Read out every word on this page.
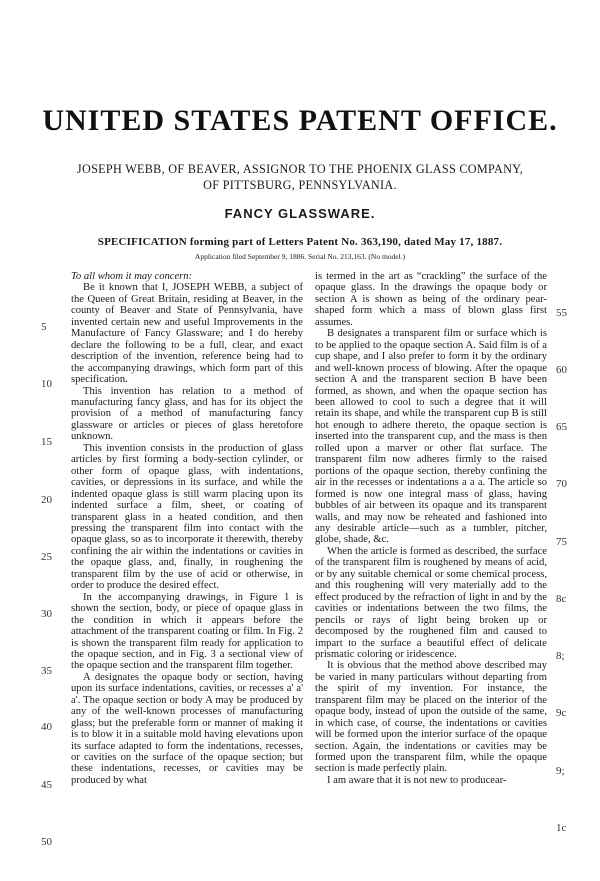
UNITED STATES PATENT OFFICE.
JOSEPH WEBB, OF BEAVER, ASSIGNOR TO THE PHOENIX GLASS COMPANY,
OF PITTSBURG, PENNSYLVANIA.
FANCY GLASSWARE.
SPECIFICATION forming part of Letters Patent No. 363,190, dated May 17, 1887.
Application filed September 9, 1886. Serial No. 213,163. (No model.)

To all whom it may concern:

Be it known that I, JOSEPH WEBB, a subject of the Queen of Great Britain, residing at Beaver, in the county of Beaver and State of Pennsylvania, have invented certain new and useful Improvements in the Manufacture of Fancy Glassware; and I do hereby declare the following to be a full, clear, and exact description of the invention, reference being had to the accompanying drawings, which form part of this specification.

This invention has relation to a method of manufacturing fancy glass, and has for its object the provision of a method of manufacturing fancy glassware or articles or pieces of glass heretofore unknown.

This invention consists in the production of glass articles by first forming a body-section cylinder, or other form of opaque glass, with indentations, cavities, or depressions in its surface, and while the indented opaque glass is still warm placing upon its indented surface a film, sheet, or coating of transparent glass in a heated condition, and then pressing the transparent film into contact with the opaque glass, so as to incorporate it therewith, thereby confining the air within the indentations or cavities in the opaque glass, and, finally, in roughening the transparent film by the use of acid or otherwise, in order to produce the desired effect.

In the accompanying drawings, in Figure 1 is shown the section, body, or piece of opaque glass in the condition in which it appears before the attachment of the transparent coating or film. In Fig. 2 is shown the transparent film ready for application to the opaque section, and in Fig. 3 a sectional view of the opaque section and the transparent film together.

A designates the opaque body or section, having upon its surface indentations, cavities, or recesses a' a' a'. The opaque section or body A may be produced by any of the well-known processes of manufacturing glass; but the preferable form or manner of making it is to blow it in a suitable mold having elevations upon its surface adapted to form the indentations, recesses, or cavities on the surface of the opaque section; but these indentations, recesses, or cavities may be produced by what

is termed in the art as “crackling” the surface of the opaque glass. In the drawings the opaque body or section A is shown as being of the ordinary pear-shaped form which a mass of blown glass first assumes.

B designates a transparent film or surface which is to be applied to the opaque section A. Said film is of a cup shape, and I also prefer to form it by the ordinary and well-known process of blowing. After the opaque section A and the transparent section B have been formed, as shown, and when the opaque section has been allowed to cool to such a degree that it will retain its shape, and while the transparent cup B is still hot enough to adhere thereto, the opaque section is inserted into the transparent cup, and the mass is then rolled upon a marver or other flat surface. The transparent film now adheres firmly to the raised portions of the opaque section, thereby confining the air in the recesses or indentations a a a. The article so formed is now one integral mass of glass, having bubbles of air between its opaque and its transparent walls, and may now be reheated and fashioned into any desirable article—such as a tumbler, pitcher, globe, shade, &c.

When the article is formed as described, the surface of the transparent film is roughened by means of acid, or by any suitable chemical or some chemical process, and this roughening will very materially add to the effect produced by the refraction of light in and by the cavities or indentations between the two films, the pencils or rays of light being broken up or decomposed by the roughened film and caused to impart to the surface a beautiful effect of delicate prismatic coloring or iridescence.

It is obvious that the method above described may be varied in many particulars without departing from the spirit of my invention. For instance, the transparent film may be placed on the interior of the opaque body, instead of upon the outside of the same, in which case, of course, the indentations or cavities will be formed upon the interior surface of the opaque section. Again, the indentations or cavities may be formed upon the transparent film, while the opaque section is made perfectly plain.

I am aware that it is not new to producear-

5
10
15
20
25
30
35
40
45
50
55
60
65
70
75
8c
8;
9c
9;
1c
